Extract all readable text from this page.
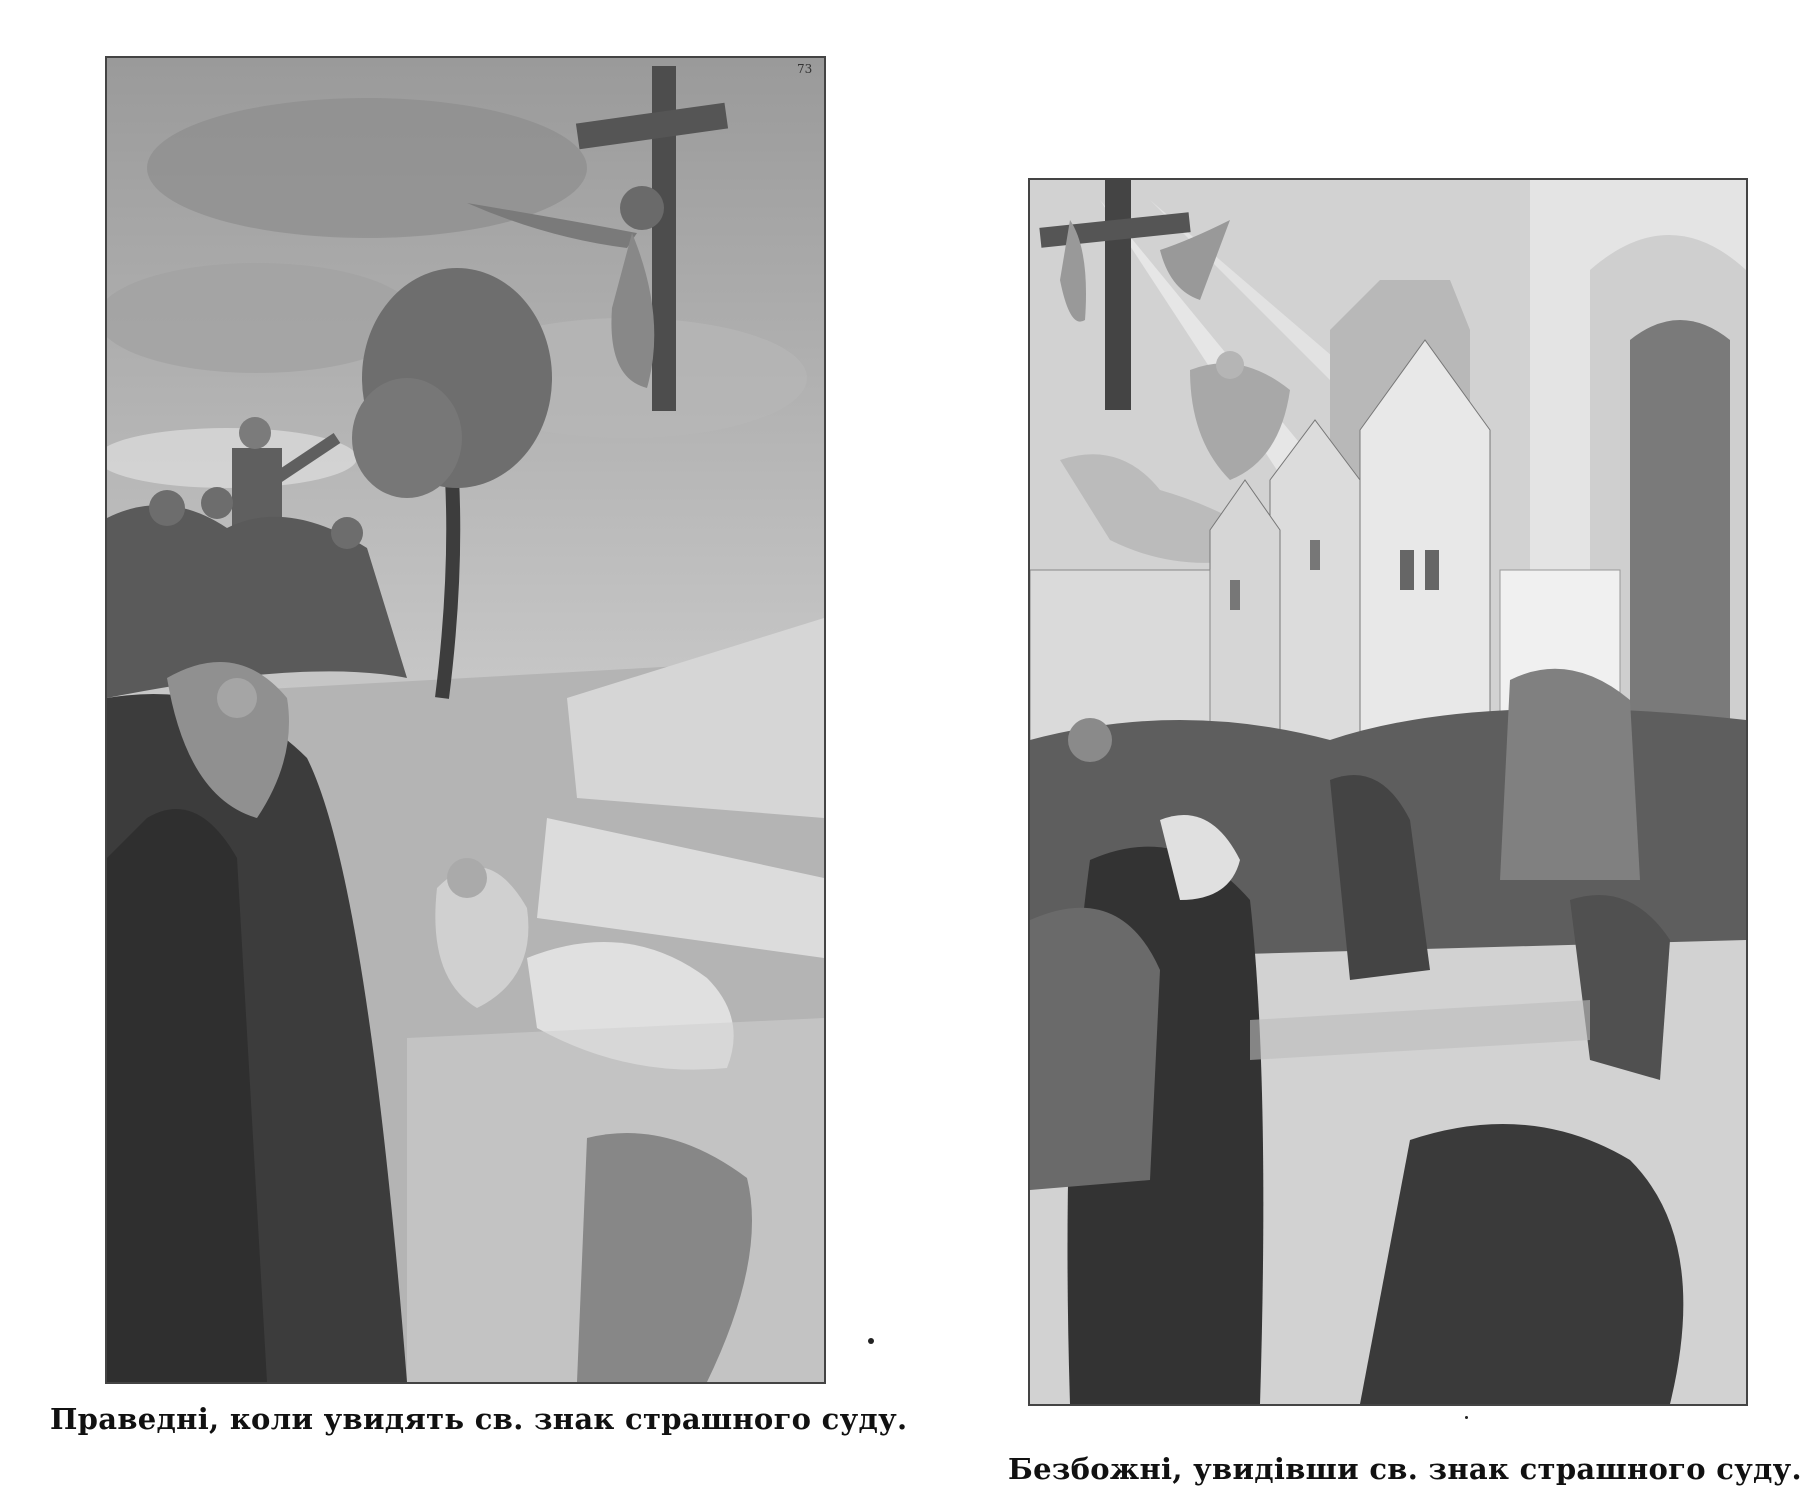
73

Праведні, коли увидять св. знак страшного суду.

Безбожні, увидівши св. знак страшного суду.
